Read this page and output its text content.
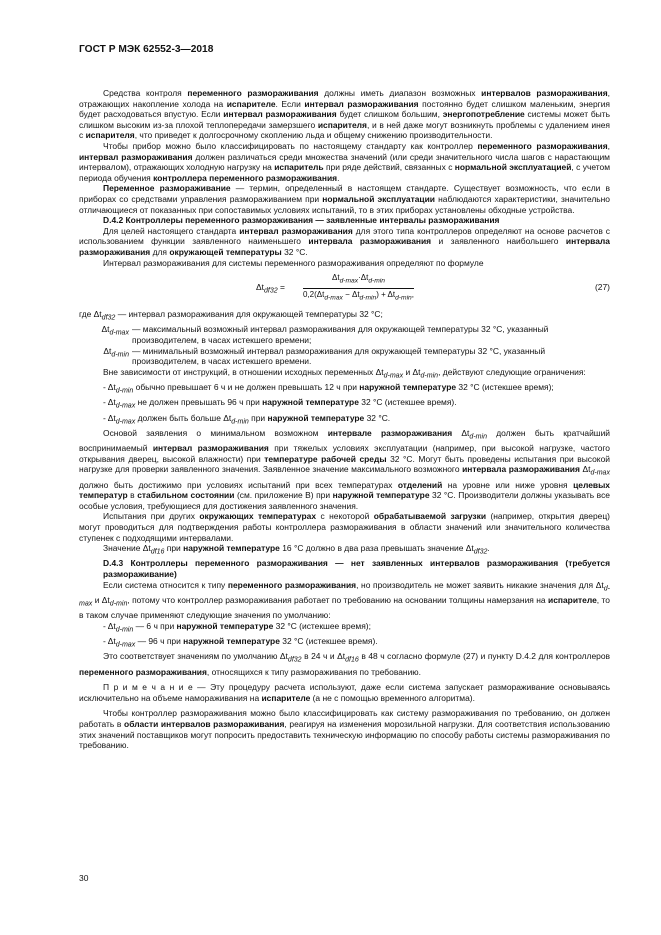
ГОСТ Р МЭК 62552-3—2018

Средства контроля переменного размораживания должны иметь диапазон возможных интервалов размораживания, отражающих накопление холода на испарителе. Если интервал размораживания постоянно будет слишком маленьким, энергия будет расходоваться впустую. Если интервал размораживания будет слишком большим, энергопотребление системы может быть слишком высоким из-за плохой теплопередачи замерзшего испарителя, и в ней даже могут возникнуть проблемы с удалением инея с испарителя, что приведет к долгосрочному скоплению льда и общему снижению производительности.

Чтобы прибор можно было классифицировать по настоящему стандарту как контроллер переменного размораживания, интервал размораживания должен различаться среди множества значений (или среди значительного числа шагов с нарастающим интервалом), отражающих холодную нагрузку на испаритель при ряде действий, связанных с нормальной эксплуатацией, с учетом периода обучения контроллера переменного размораживания.

Переменное размораживание — термин, определенный в настоящем стандарте. Существует возможность, что если в приборах со средствами управления размораживанием при нормальной эксплуатации наблюдаются характеристики, значительно отличающиеся от показанных при сопоставимых условиях испытаний, то в этих приборах установлены обходные устройства.

D.4.2 Контроллеры переменного размораживания — заявленные интервалы размораживания

Для целей настоящего стандарта интервал размораживания для этого типа контроллеров определяют на основе расчетов с использованием функции заявленного наименьшего интервала размораживания и заявленного наибольшего интервала размораживания для окружающей температуры 32 °С.

Интервал размораживания для системы переменного размораживания определяют по формуле

$\Delta t_{df32}$ =
$\Delta t_{d-max}\cdot\Delta t_{d-min}$
$0,2(\Delta t_{d-max} - \Delta t_{d-min}) + \Delta t_{d-min}$,
(27)

где $\Delta t_{df32}$ — интервал размораживания для окружающей температуры 32 °С;

$\Delta t_{d-max}$ — максимальный возможный интервал размораживания для окружающей температуры 32 °С, указанный производителем, в часах истекшего времени;
$\Delta t_{d-min}$ — минимальный возможный интервал размораживания для окружающей температуры 32 °С, указанный производителем, в часах истекшего времени.

Вне зависимости от инструкций, в отношении исходных переменных $\Delta t_{d-max}$ и $\Delta t_{d-min}$, действуют следующие ограничения:

- $\Delta t_{d-min}$ обычно превышает 6 ч и не должен превышать 12 ч при наружной температуре 32 °С (истекшее время);

- $\Delta t_{d-max}$ не должен превышать 96 ч при наружной температуре 32 °С (истекшее время).

- $\Delta t_{d-max}$ должен быть больше $\Delta t_{d-min}$ при наружной температуре 32 °С.

Основой заявления о минимальном возможном интервале размораживания $\Delta t_{d-min}$ должен быть кратчайший воспринимаемый интервал размораживания при тяжелых условиях эксплуатации (например, при высокой нагрузке, частого открывания дверец, высокой влажности) при температуре рабочей среды 32 °С. Могут быть проведены испытания при высокой нагрузке для проверки заявленного значения. Заявленное значение максимального возможного интервала размораживания $\Delta t_{d-max}$ должно быть достижимо при условиях испытаний при всех температурах отделений на уровне или ниже уровня целевых температур в стабильном состоянии (см. приложение В) при наружной температуре 32 °С. Производители должны указывать все особые условия, требующиеся для достижения заявленного значения.

Испытания при других окружающих температурах с некоторой обрабатываемой загрузки (например, открытия дверец) могут проводиться для подтверждения работы контроллера размораживания в области значений или значительного количества ступенек с подходящими интервалами.

Значение $\Delta t_{df16}$ при наружной температуре 16 °С должно в два раза превышать значение $\Delta t_{df32}$.

D.4.3 Контроллеры переменного размораживания — нет заявленных интервалов размораживания (требуется размораживание)

Если система относится к типу переменного размораживания, но производитель не может заявить никакие значения для $\Delta t_{d-max}$ и $\Delta t_{d-min}$, потому что контроллер размораживания работает по требованию на основании толщины намерзания на испарителе, то в таком случае применяют следующие значения по умолчанию:

- $\Delta t_{d-min}$ — 6 ч при наружной температуре 32 °С (истекшее время);

- $\Delta t_{d-max}$ — 96 ч при наружной температуре 32 °С (истекшее время).

Это соответствует значениям по умолчанию $\Delta t_{df32}$ в 24 ч и $\Delta t_{df16}$ в 48 ч согласно формуле (27) и пункту D.4.2 для контроллеров переменного размораживания, относящихся к типу размораживания по требованию.

П р и м е ч а н и е — Эту процедуру расчета используют, даже если система запускает размораживание основываясь исключительно на объеме намораживания на испарителе (а не с помощью временного алгоритма).

Чтобы контроллер размораживания можно было классифицировать как систему размораживания по требованию, он должен работать в области интервалов размораживания, реагируя на изменения морозильной нагрузки. Для соответствия использованию этих значений поставщиков могут попросить предоставить техническую информацию по способу работы системы размораживания по требованию.

30
